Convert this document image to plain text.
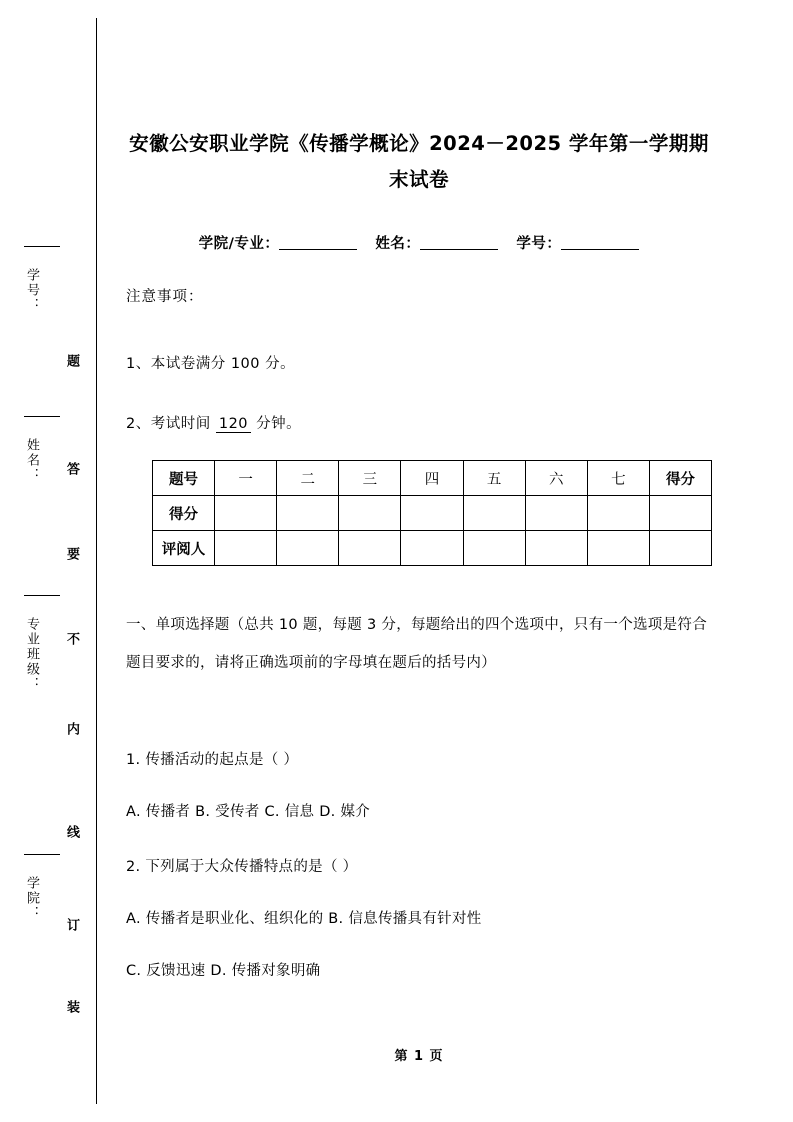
学号：
姓名：
专业班级：
学院：
题
答
要
不
内
线
订
装
安徽公安职业学院《传播学概论》2024－2025 学年第一学期期末试卷
学院/专业：	姓名：	学号：
注意事项：
1、本试卷满分 100 分。
2、考试时间 120 分钟。
题号	一	二	三	四	五	六	七	得分
得分								
评阅人								
一、单项选择题（总共 10 题，每题 3 分，每题给出的四个选项中，只有一个选项是符合题目要求的，请将正确选项前的字母填在题后的括号内）
1. 传播活动的起点是（ ）
A. 传播者 B. 受传者 C. 信息 D. 媒介
2. 下列属于大众传播特点的是（ ）
A. 传播者是职业化、组织化的 B. 信息传播具有针对性
C. 反馈迅速 D. 传播对象明确
第 1 页
